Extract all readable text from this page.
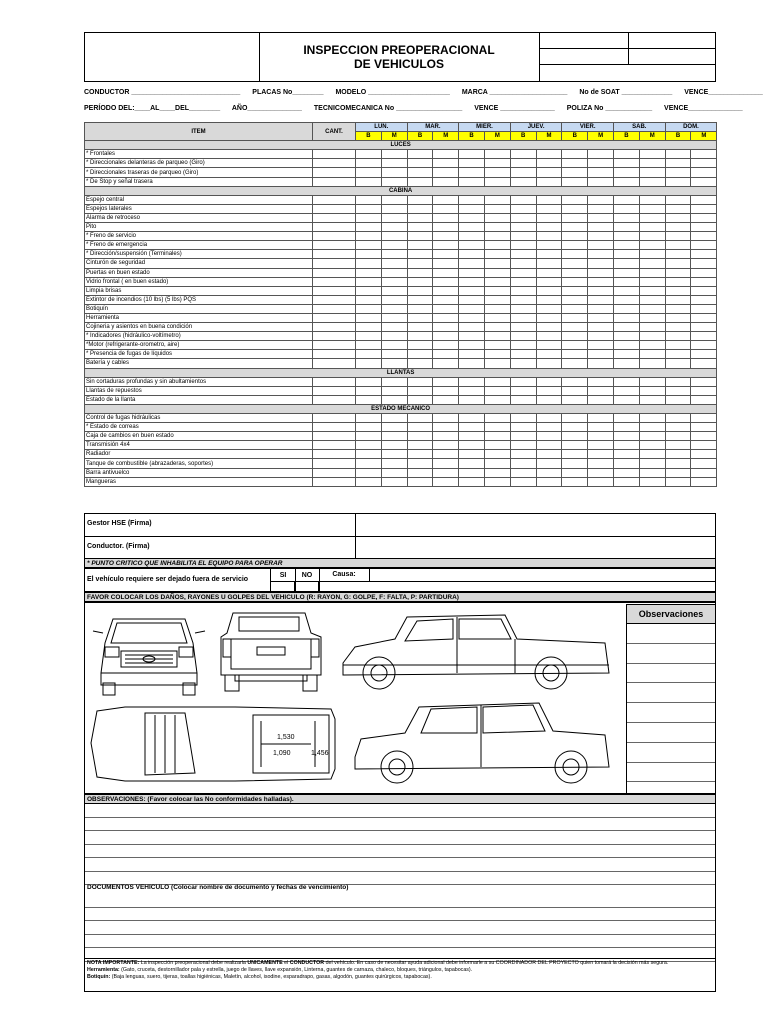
INSPECCION PREOPERACIONAL
DE VEHICULOS
CONDUCTOR ____________________________ PLACAS No________ MODELO _____________________ MARCA ____________________ No de SOAT _____________ VENCE______________
PERÍODO DEL:____AL____DEL________ AÑO______________ TECNICOMECANICA No _________________ VENCE ______________ POLIZA No ____________ VENCE______________
ITEM	CANT.	LUN.		MAR.		MIER.		JUEV.		VIER.		SAB.		DOM.	
		B	M	B	M	B	M	B	M	B	M	B	M	B	M
LUCES															
* Frontales															
* Direccionales delanteras de parqueo (Giro)															
* Direccionales traseras de parqueo (Giro)															
* De Stop y señal trasera															
CABINA															
Espejo central															
Espejos laterales															
Alarma de retroceso															
Pito															
* Freno de servicio															
* Freno de emergencia															
* Dirección/suspensión (Terminales)															
Cinturón de seguridad															
Puertas en buen estado															
Vidrio frontal ( en buen estado)															
Limpia brisas															
Extintor de incendios (10 lbs) (5 lbs) PQS															
Botiquín															
Herramienta															
Cojineria y asientos en buena condición															
* Indicadores (hidráulico-voltímetro)															
*Motor (refrigerante-orometro, aire)															
* Presencia de fugas de líquidos															
Batería y cables															
LLANTAS															
Sin cortaduras profundas y sin abultamientos															
Llantas de repuestos															
Estado de la llanta															
ESTADO MECANICO															
Control de fugas hidráulicas															
* Estado de correas															
Caja de cambios en buen estado															
Transmisión 4x4															
Radiador															
Tanque de combustible (abrazaderas, soportes)															
Barra antivuelco															
Mangueras															
Gestor HSE (Firma)
Conductor. (Firma)
* PUNTO CRITICO QUE INHABILITA EL EQUIPO PARA OPERAR
El vehículo requiere ser dejado fuera de servicio
SI	NO	Causa:
FAVOR COLOCAR LOS DAÑOS, RAYONES U GOLPES DEL VEHICULO (R: RAYON, G: GOLPE, F: FALTA, P: PARTIDURA)
1,530
1,090	1,456
Observaciones
OBSERVACIONES: (Favor colocar las No conformidades halladas).
DOCUMENTOS VEHICULO (Colocar nombre de documento y fechas de vencimiento)
NOTA IMPORTANTE: La inspección preoperacional debe realizarla UNICAMENTE el CONDUCTOR del vehículo. En caso de necesitar ayuda adicional debe informarle a su COORDINADOR DEL PROYECTO quien tomará la decisión más segura.
Herramienta: (Gato, cruceta, destornillador pala y estrella, juego de llaves, llave expansión, Linterna, guantes de carnaza, chaleco, bloques, triángulos, tapabocas).
Botiquín: (Baja lenguas, suero, tijeras, toallas higiénicas, Maletín, alcohol, isodine, esparadrapo, gasas, algodón, guantes quirúrgicos, tapabocas).
